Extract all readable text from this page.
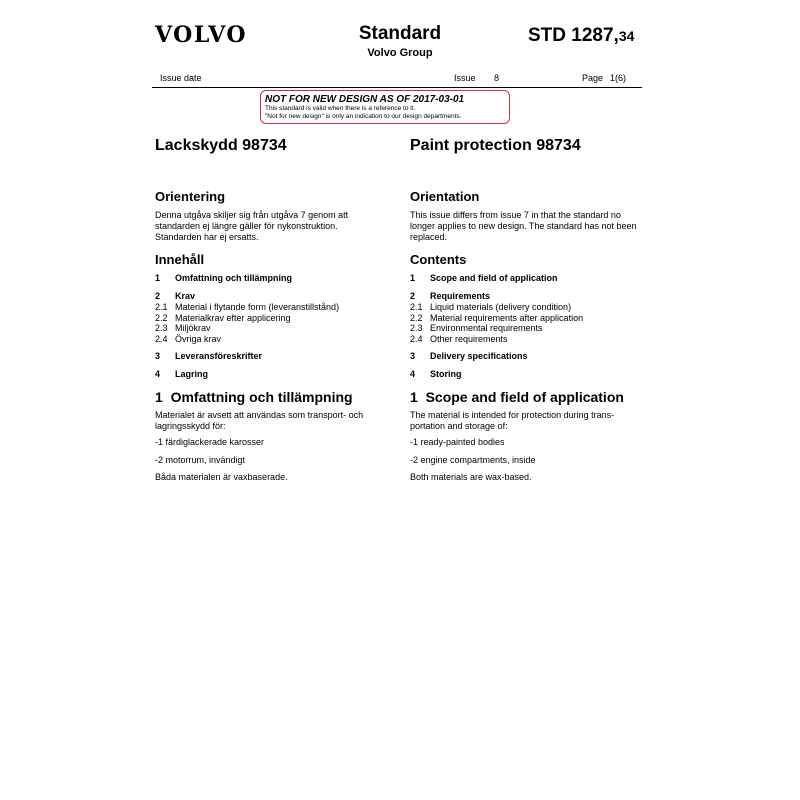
VOLVO	Standard
Volvo Group
STD 1287,34
Issue date	Issue 8	Page 1(6)
NOT FOR NEW DESIGN AS OF 2017-03-01
This standard is valid when there is a reference to it.
"Not for new design" is only an indication to our design departments.
Lackskydd 98734
Orientering
Denna utgåva skiljer sig från utgåva 7 genom att standarden ej längre gäller för nykonstruktion. Standarden har ej ersatts.
Innehåll
1 Omfattning och tillämpning
2 Krav
2.1 Material i flytande form (leveranstillstånd)
2.2 Materialkrav efter applicering
2.3 Miljökrav
2.4 Övriga krav
3 Leveransföreskrifter
4 Lagring
1 Omfattning och tillämpning
Materialet är avsett att användas som transport- och lagringsskydd för:
-1 färdiglackerade karosser
-2 motorrum, invändigt
Båda materialen är vaxbaserade.
Paint protection 98734
Orientation
This issue differs from issue 7 in that the standard no longer applies to new design. The standard has not been replaced.
Contents
1 Scope and field of application
2 Requirements
2.1 Liquid materials (delivery condition)
2.2 Material requirements after application
2.3 Environmental requirements
2.4 Other requirements
3 Delivery specifications
4 Storing
1 Scope and field of application
The material is intended for protection during trans-portation and storage of:
-1 ready-painted bodies
-2 engine compartments, inside
Both materials are wax-based.
